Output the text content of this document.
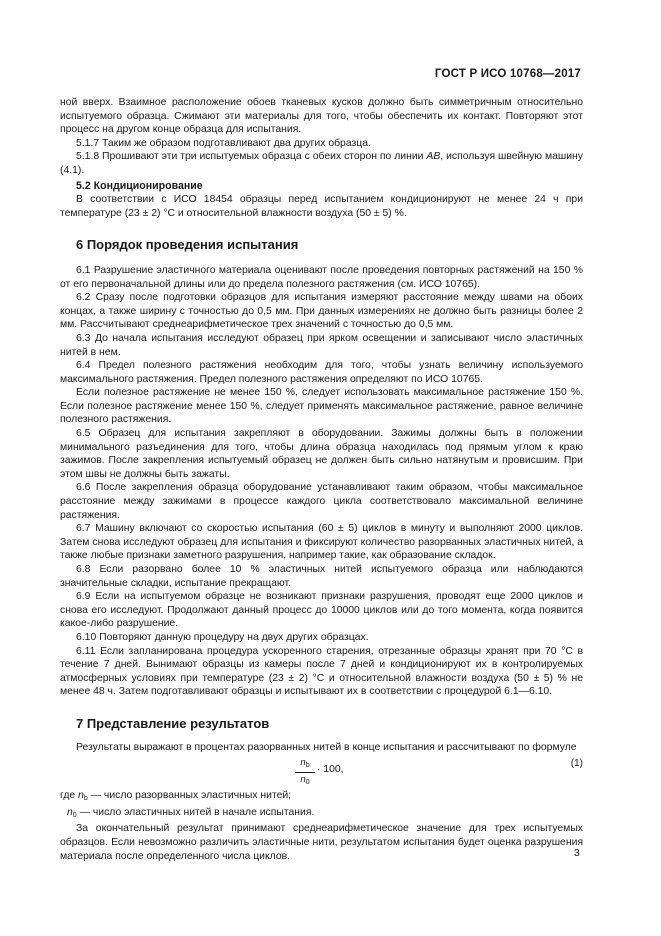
ГОСТ Р ИСО 10768—2017

ной вверх. Взаимное расположение обоев тканевых кусков должно быть симметричным относительно испытуемого образца. Сжимают эти материалы для того, чтобы обеспечить их контакт. Повторяют этот процесс на другом конце образца для испытания.

5.1.7 Таким же образом подготавливают два других образца.

5.1.8 Прошивают эти три испытуемых образца с обеих сторон по линии AB, используя швейную машину (4.1).

5.2 Кондиционирование

В соответствии с ИСО 18454 образцы перед испытанием кондиционируют не менее 24 ч при температуре (23 ± 2) °С и относительной влажности воздуха (50 ± 5) %.

6 Порядок проведения испытания

6.1 Разрушение эластичного материала оценивают после проведения повторных растяжений на 150 % от его первоначальной длины или до предела полезного растяжения (см. ИСО 10765).

6.2 Сразу после подготовки образцов для испытания измеряют расстояние между швами на обоих концах, а также ширину с точностью до 0,5 мм. При данных измерениях не должно быть разницы более 2 мм. Рассчитывают среднеарифметическое трех значений с точностью до 0,5 мм.

6.3 До начала испытания исследуют образец при ярком освещении и записывают число эластичных нитей в нем.

6.4 Предел полезного растяжения необходим для того, чтобы узнать величину используемого максимального растяжения. Предел полезного растяжения определяют по ИСО 10765.

Если полезное растяжение не менее 150 %, следует использовать максимальное растяжение 150 %. Если полезное растяжение менее 150 %, следует применять максимальное растяжение, равное величине полезного растяжения.

6.5 Образец для испытания закрепляют в оборудовании. Зажимы должны быть в положении минимального разъединения для того, чтобы длина образца находилась под прямым углом к краю зажимов. После закрепления испытуемый образец не должен быть сильно натянутым и провисшим. При этом швы не должны быть зажаты.

6.6 После закрепления образца оборудование устанавливают таким образом, чтобы максимальное расстояние между зажимами в процессе каждого цикла соответствовало максимальной величине растяжения.

6.7 Машину включают со скоростью испытания (60 ± 5) циклов в минуту и выполняют 2000 циклов. Затем снова исследуют образец для испытания и фиксируют количество разорванных эластичных нитей, а также любые признаки заметного разрушения, например такие, как образование складок.

6.8 Если разорвано более 10 % эластичных нитей испытуемого образца или наблюдаются значительные складки, испытание прекращают.

6.9 Если на испытуемом образце не возникают признаки разрушения, проводят еще 2000 циклов и снова его исследуют. Продолжают данный процесс до 10000 циклов или до того момента, когда появится какое-либо разрушение.

6.10 Повторяют данную процедуру на двух других образцах.

6.11 Если запланирована процедура ускоренного старения, отрезанные образцы хранят при 70 °С в течение 7 дней. Вынимают образцы из камеры после 7 дней и кондиционируют их в контролируемых атмосферных условиях при температуре (23 ± 2) °С и относительной влажности воздуха (50 ± 5) % не менее 48 ч. Затем подготавливают образцы и испытывают их в соответствии с процедурой 6.1—6.10.

7 Представление результатов

Результаты выражают в процентах разорванных нитей в конце испытания и рассчитывают по формуле

$\frac{n_b}{n_0} \cdot 100$,
(1)

где $n_b$ — число разорванных эластичных нитей;

$n_0$ — число эластичных нитей в начале испытания.

За окончательный результат принимают среднеарифметическое значение для трех испытуемых образцов. Если невозможно различить эластичные нити, результатом испытания будет оценка разрушения материала после определенного числа циклов.	3
